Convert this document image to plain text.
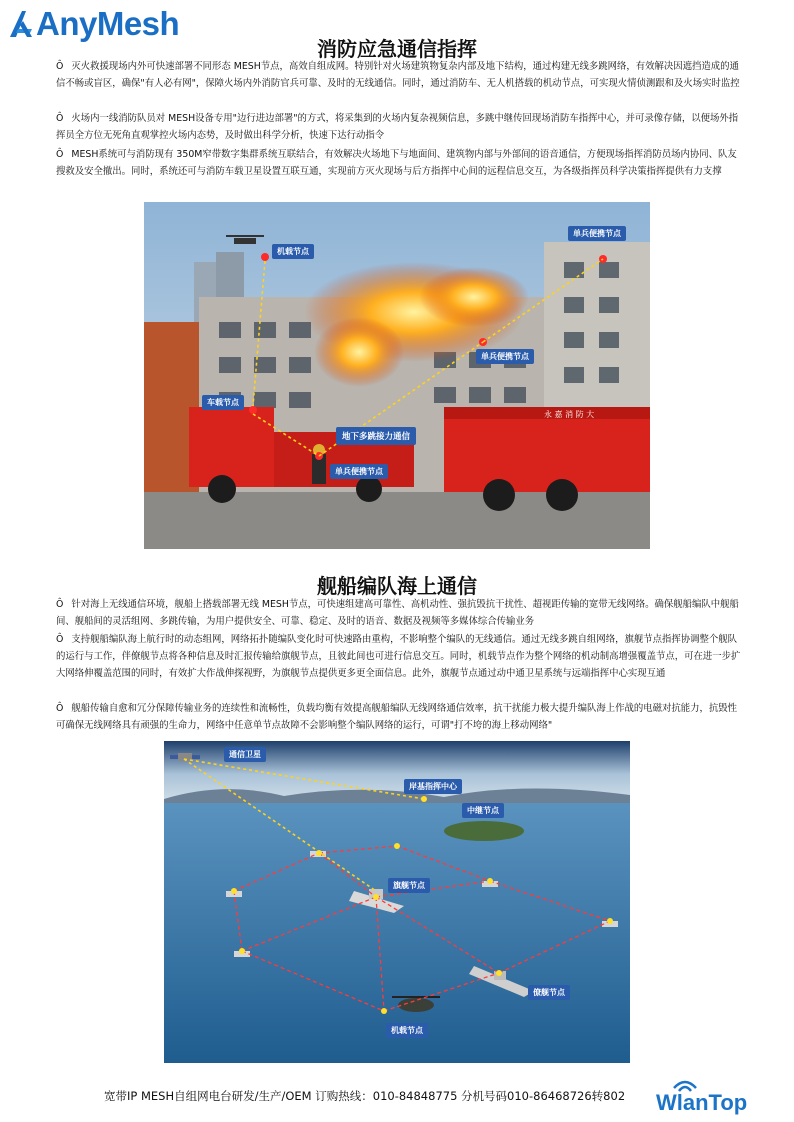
AnyMesh
消防应急通信指挥
Ô 灭火救援现场内外可快速部署不同形态 MESH节点，高效自组成网。特别针对火场建筑物复杂内部及地下结构，通过构建无线多跳网络，有效解决因遮挡造成的通信不畅或盲区，确保"有人必有网"，保障火场内外消防官兵可靠、及时的无线通信。同时，通过消防车、无人机搭载的机动节点，可实现火情侦测跟和及火场实时监控
Ô 火场内一线消防队员对 MESH设备专用"边行进边部署"的方式，将采集到的火场内复杂视频信息，多跳中继传回现场消防车指挥中心，并可录像存储，以便场外指挥员全方位无死角直观掌控火场内态势，及时做出科学分析，快速下达行动指令
Ô MESH系统可与消防现有 350M窄带数字集群系统互联结合，有效解决火场地下与地面间、建筑物内部与外部间的语音通信，方便现场指挥消防员场内协同、队友搜救及安全撤出。同时，系统还可与消防车载卫星设置互联互通，实现前方灭火现场与后方指挥中心间的远程信息交互，为各级指挥员科学决策指挥提供有力支撑
永 嘉 消 防 大
机载节点
单兵便携节点
单兵便携节点
车载节点
地下多跳接力通信
单兵便携节点
舰船编队海上通信
Ô 针对海上无线通信环境，舰船上搭载部署无线 MESH节点，可快速组建高可靠性、高机动性、强抗毁抗干扰性、超视距传输的宽带无线网络。确保舰船编队中舰船间、舰船间的灵活组网、多跳传输，为用户提供安全、可靠、稳定、及时的语音、数据及视频等多媒体综合传输业务
Ô 支持舰船编队海上航行时的动态组网，网络拓扑随编队变化时可快速路由重构，不影响整个编队的无线通信。通过无线多跳自组网络，旗舰节点指挥协调整个舰队的运行与工作，伴僚舰节点将各种信息及时汇报传输给旗舰节点，且彼此间也可进行信息交互。同时，机载节点作为整个网络的机动制高增强覆盖节点，可在进一步扩大网络伸覆盖范围的同时，有效扩大作战伸探视野，为旗舰节点提供更多更全面信息。此外，旗舰节点通过动中通卫星系统与远端指挥中心实现互通
Ô 舰船传输自愈和冗分保障传输业务的连续性和流畅性，负载均衡有效提高舰船编队无线网络通信效率，抗干扰能力极大提升编队海上作战的电磁对抗能力，抗毁性可确保无线网络具有顽强的生命力，网络中任意单节点故障不会影响整个编队网络的运行，可谓"打不垮的海上移动网络"
通信卫星
岸基指挥中心
中继节点
旗舰节点
僚舰节点
机载节点
宽带IP MESH自组网电台研发/生产/OEM 订购热线：010-84848775 分机号码010-86468726转802 WlanTop
